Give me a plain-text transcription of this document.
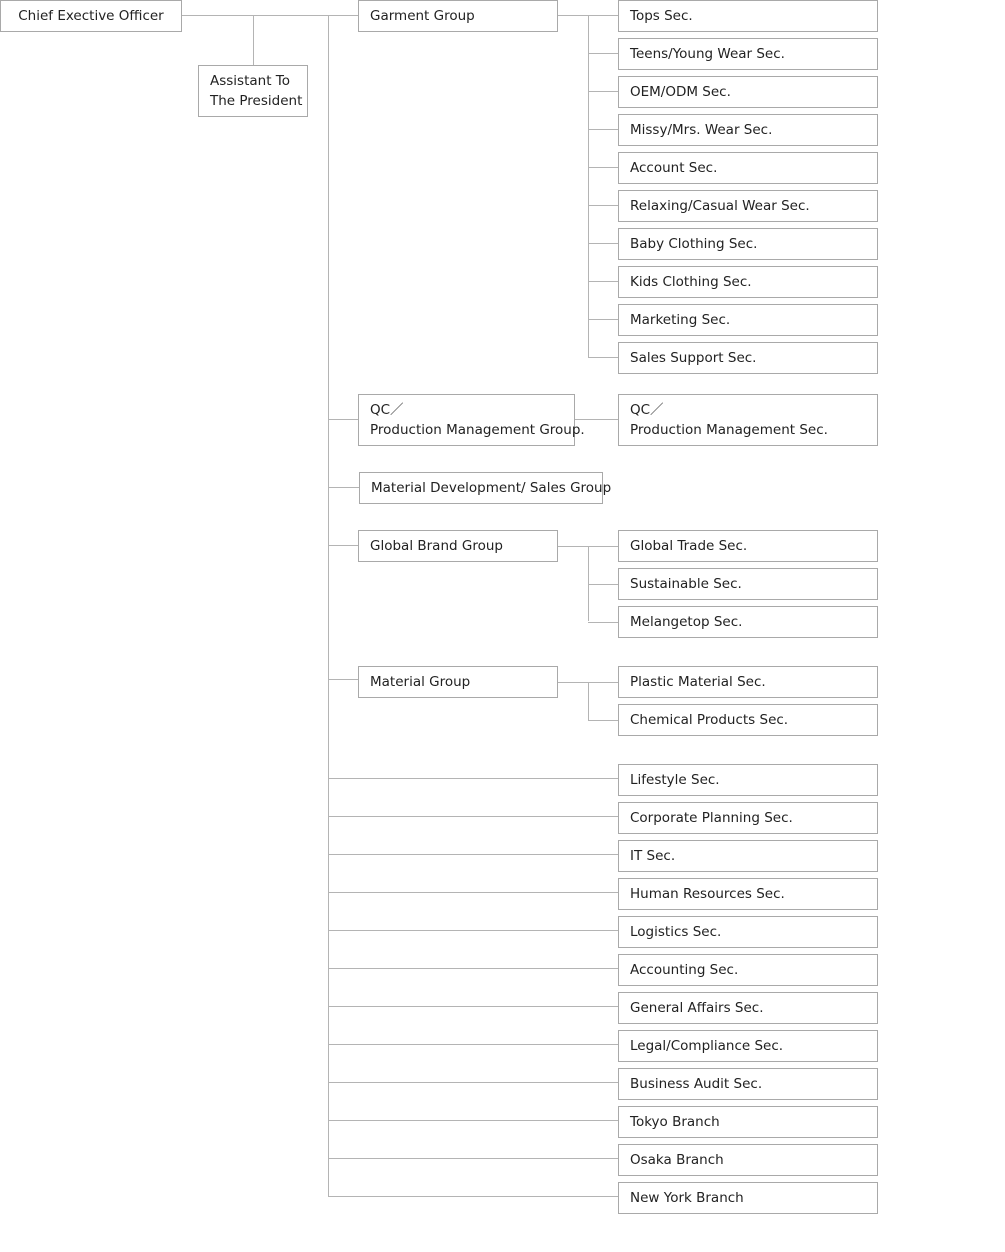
Chief Exective Officer
Assistant To
The President
Garment Group
QC／
Production Management Group.
Material Development/ Sales Group
Global Brand Group
Material Group
QC／
Production Management Sec.
Tops Sec.
Teens/Young Wear Sec.
OEM/ODM Sec.
Missy/Mrs. Wear Sec.
Account Sec.
Relaxing/Casual Wear Sec.
Baby Clothing Sec.
Kids Clothing Sec.
Marketing Sec.
Sales Support Sec.
Global Trade Sec.
Sustainable Sec.
Melangetop Sec.
Plastic Material Sec.
Chemical Products Sec.
Lifestyle Sec.
Corporate Planning Sec.
IT Sec.
Human Resources Sec.
Logistics Sec.
Accounting Sec.
General Affairs Sec.
Legal/Compliance Sec.
Business Audit Sec.
Tokyo Branch
Osaka Branch
New York Branch
